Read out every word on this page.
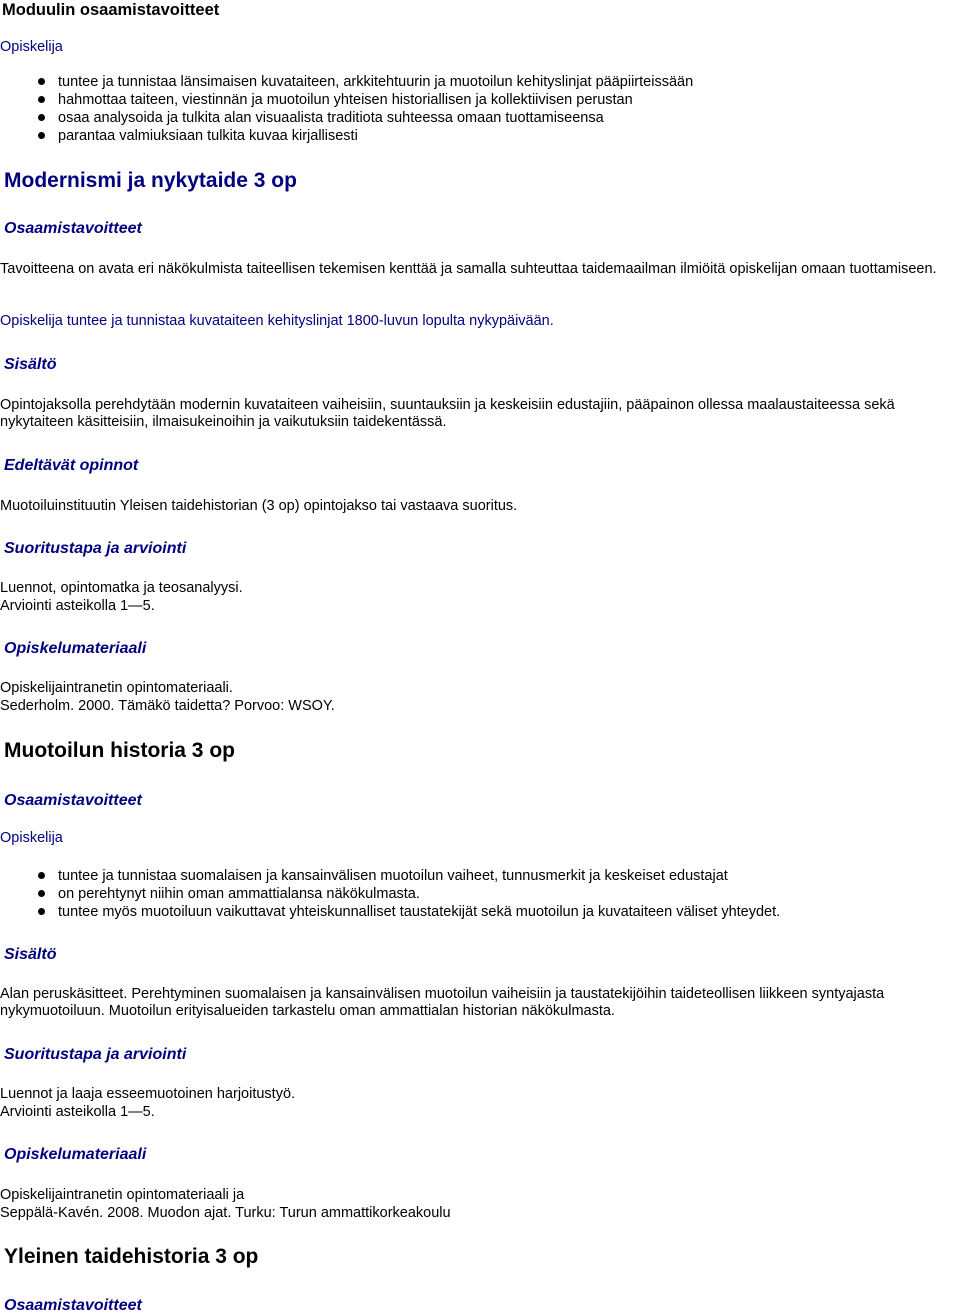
Moduulin osaamistavoitteet

Opiskelija

tuntee ja tunnistaa länsimaisen kuvataiteen, arkkitehtuurin ja muotoilun kehityslinjat pääpiirteissään
hahmottaa taiteen, viestinnän ja muotoilun yhteisen historiallisen ja kollektiivisen perustan
osaa analysoida ja tulkita alan visuaalista traditiota suhteessa omaan tuottamiseensa
parantaa valmiuksiaan tulkita kuvaa kirjallisesti
Modernismi ja nykytaide 3 op
Osaamistavoitteet

Tavoitteena on avata eri näkökulmista taiteellisen tekemisen kenttää ja samalla suhteuttaa taidemaailman ilmiöitä opiskelijan omaan tuottamiseen.

Opiskelija tuntee ja tunnistaa kuvataiteen kehityslinjat 1800-luvun lopulta nykypäivään.

Sisältö

Opintojaksolla perehdytään modernin kuvataiteen vaiheisiin, suuntauksiin ja keskeisiin edustajiin, pääpainon ollessa maalaustaiteessa sekä nykytaiteen käsitteisiin, ilmaisukeinoihin ja vaikutuksiin taidekentässä.

Edeltävät opinnot

Muotoiluinstituutin Yleisen taidehistorian (3 op) opintojakso tai vastaava suoritus.

Suoritustapa ja arviointi

Luennot, opintomatka ja teosanalyysi.

Arviointi asteikolla 1—5.

Opiskelumateriaali

Opiskelijaintranetin opintomateriaali.

Sederholm. 2000. Tämäkö taidetta? Porvoo: WSOY.

Muotoilun historia 3 op
Osaamistavoitteet

Opiskelija

tuntee ja tunnistaa suomalaisen ja kansainvälisen muotoilun vaiheet, tunnusmerkit ja keskeiset edustajat
on perehtynyt niihin oman ammattialansa näkökulmasta.
tuntee myös muotoiluun vaikuttavat yhteiskunnalliset taustatekijät sekä muotoilun ja kuvataiteen väliset yhteydet.
Sisältö

Alan peruskäsitteet. Perehtyminen suomalaisen ja kansainvälisen muotoilun vaiheisiin ja taustatekijöihin taideteollisen liikkeen syntyajasta nykymuotoiluun. Muotoilun erityisalueiden tarkastelu oman ammattialan historian näkökulmasta.

Suoritustapa ja arviointi

Luennot ja laaja esseemuotoinen harjoitustyö.

Arviointi asteikolla 1—5.

Opiskelumateriaali

Opiskelijaintranetin opintomateriaali ja

Seppälä-Kavén. 2008. Muodon ajat. Turku: Turun ammattikorkeakoulu

Yleinen taidehistoria 3 op
Osaamistavoitteet
